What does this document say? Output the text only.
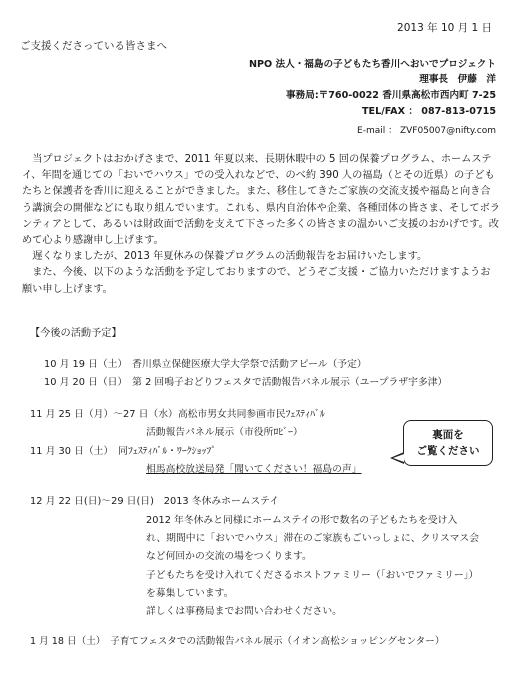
2013 年 10 月 1 日
ご支援くださっている皆さまへ
NPO 法人・福島の子どもたち香川へおいでプロジェクト
理事長　伊藤　洋
事務局:〒760-0022 香川県高松市西内町 7-25
TEL/FAX ： 087-813-0715
E-mail ： ZVF05007@nifty.com

当プロジェクトはおかげさまで、2011 年夏以来、長期休暇中の 5 回の保養プログラム、ホームステイ、年間を通じての「おいでハウス」での受入れなどで、のべ約 390 人の福島（とその近県）の子どもたちと保護者を香川に迎えることができました。また、移住してきたご家族の交流支援や福島と向き合う講演会の開催などにも取り組んでいます。これも、県内自治体や企業、各種団体の皆さま、そしてボランティアとして、あるいは財政面で活動を支えて下さった多くの皆さまの温かいご支援のおかげです。改めて心より感謝申し上げます。

遅くなりましたが、2013 年夏休みの保養プログラムの活動報告をお届けいたします。

また、今後、以下のような活動を予定しておりますので、どうぞご支援・ご協力いただけますようお願い申し上げます。

【今後の活動予定】
10 月 19 日（土）　香川県立保健医療大学大学祭で活動アピール（予定）
10 月 20 日（日）　第 2 回鳴子おどりフェスタで活動報告パネル展示（ユープラザ宇多津）
11 月 25 日（月）～27 日（水）高松市男女共同参画市民ﾌｪｽﾃｨﾊﾞﾙ
活動報告パネル展示（市役所ﾛﾋﾞｰ）
11 月 30 日（土）　同ﾌｪｽﾃｨﾊﾞﾙ・ﾜｰｸｼｮｯﾌﾟ
相馬高校放送局発「聞いてください！福島の声」
12 月 22 日(日)～29 日(日)　2013 冬休みホームステイ
2012 年冬休みと同様にホームステイの形で数名の子どもたちを受け入
れ、期間中に「おいでハウス」滞在のご家族もごいっしょに、クリスマス会
など何回かの交流の場をつくります。
子どもたちを受け入れてくださるホストファミリー（「おいでファミリー」）
を募集しています。
詳しくは事務局までお問い合わせください。
1 月 18 日（土）　子育てフェスタでの活動報告パネル展示（イオン高松ショッピングセンター）
裏面を
ご覧ください
